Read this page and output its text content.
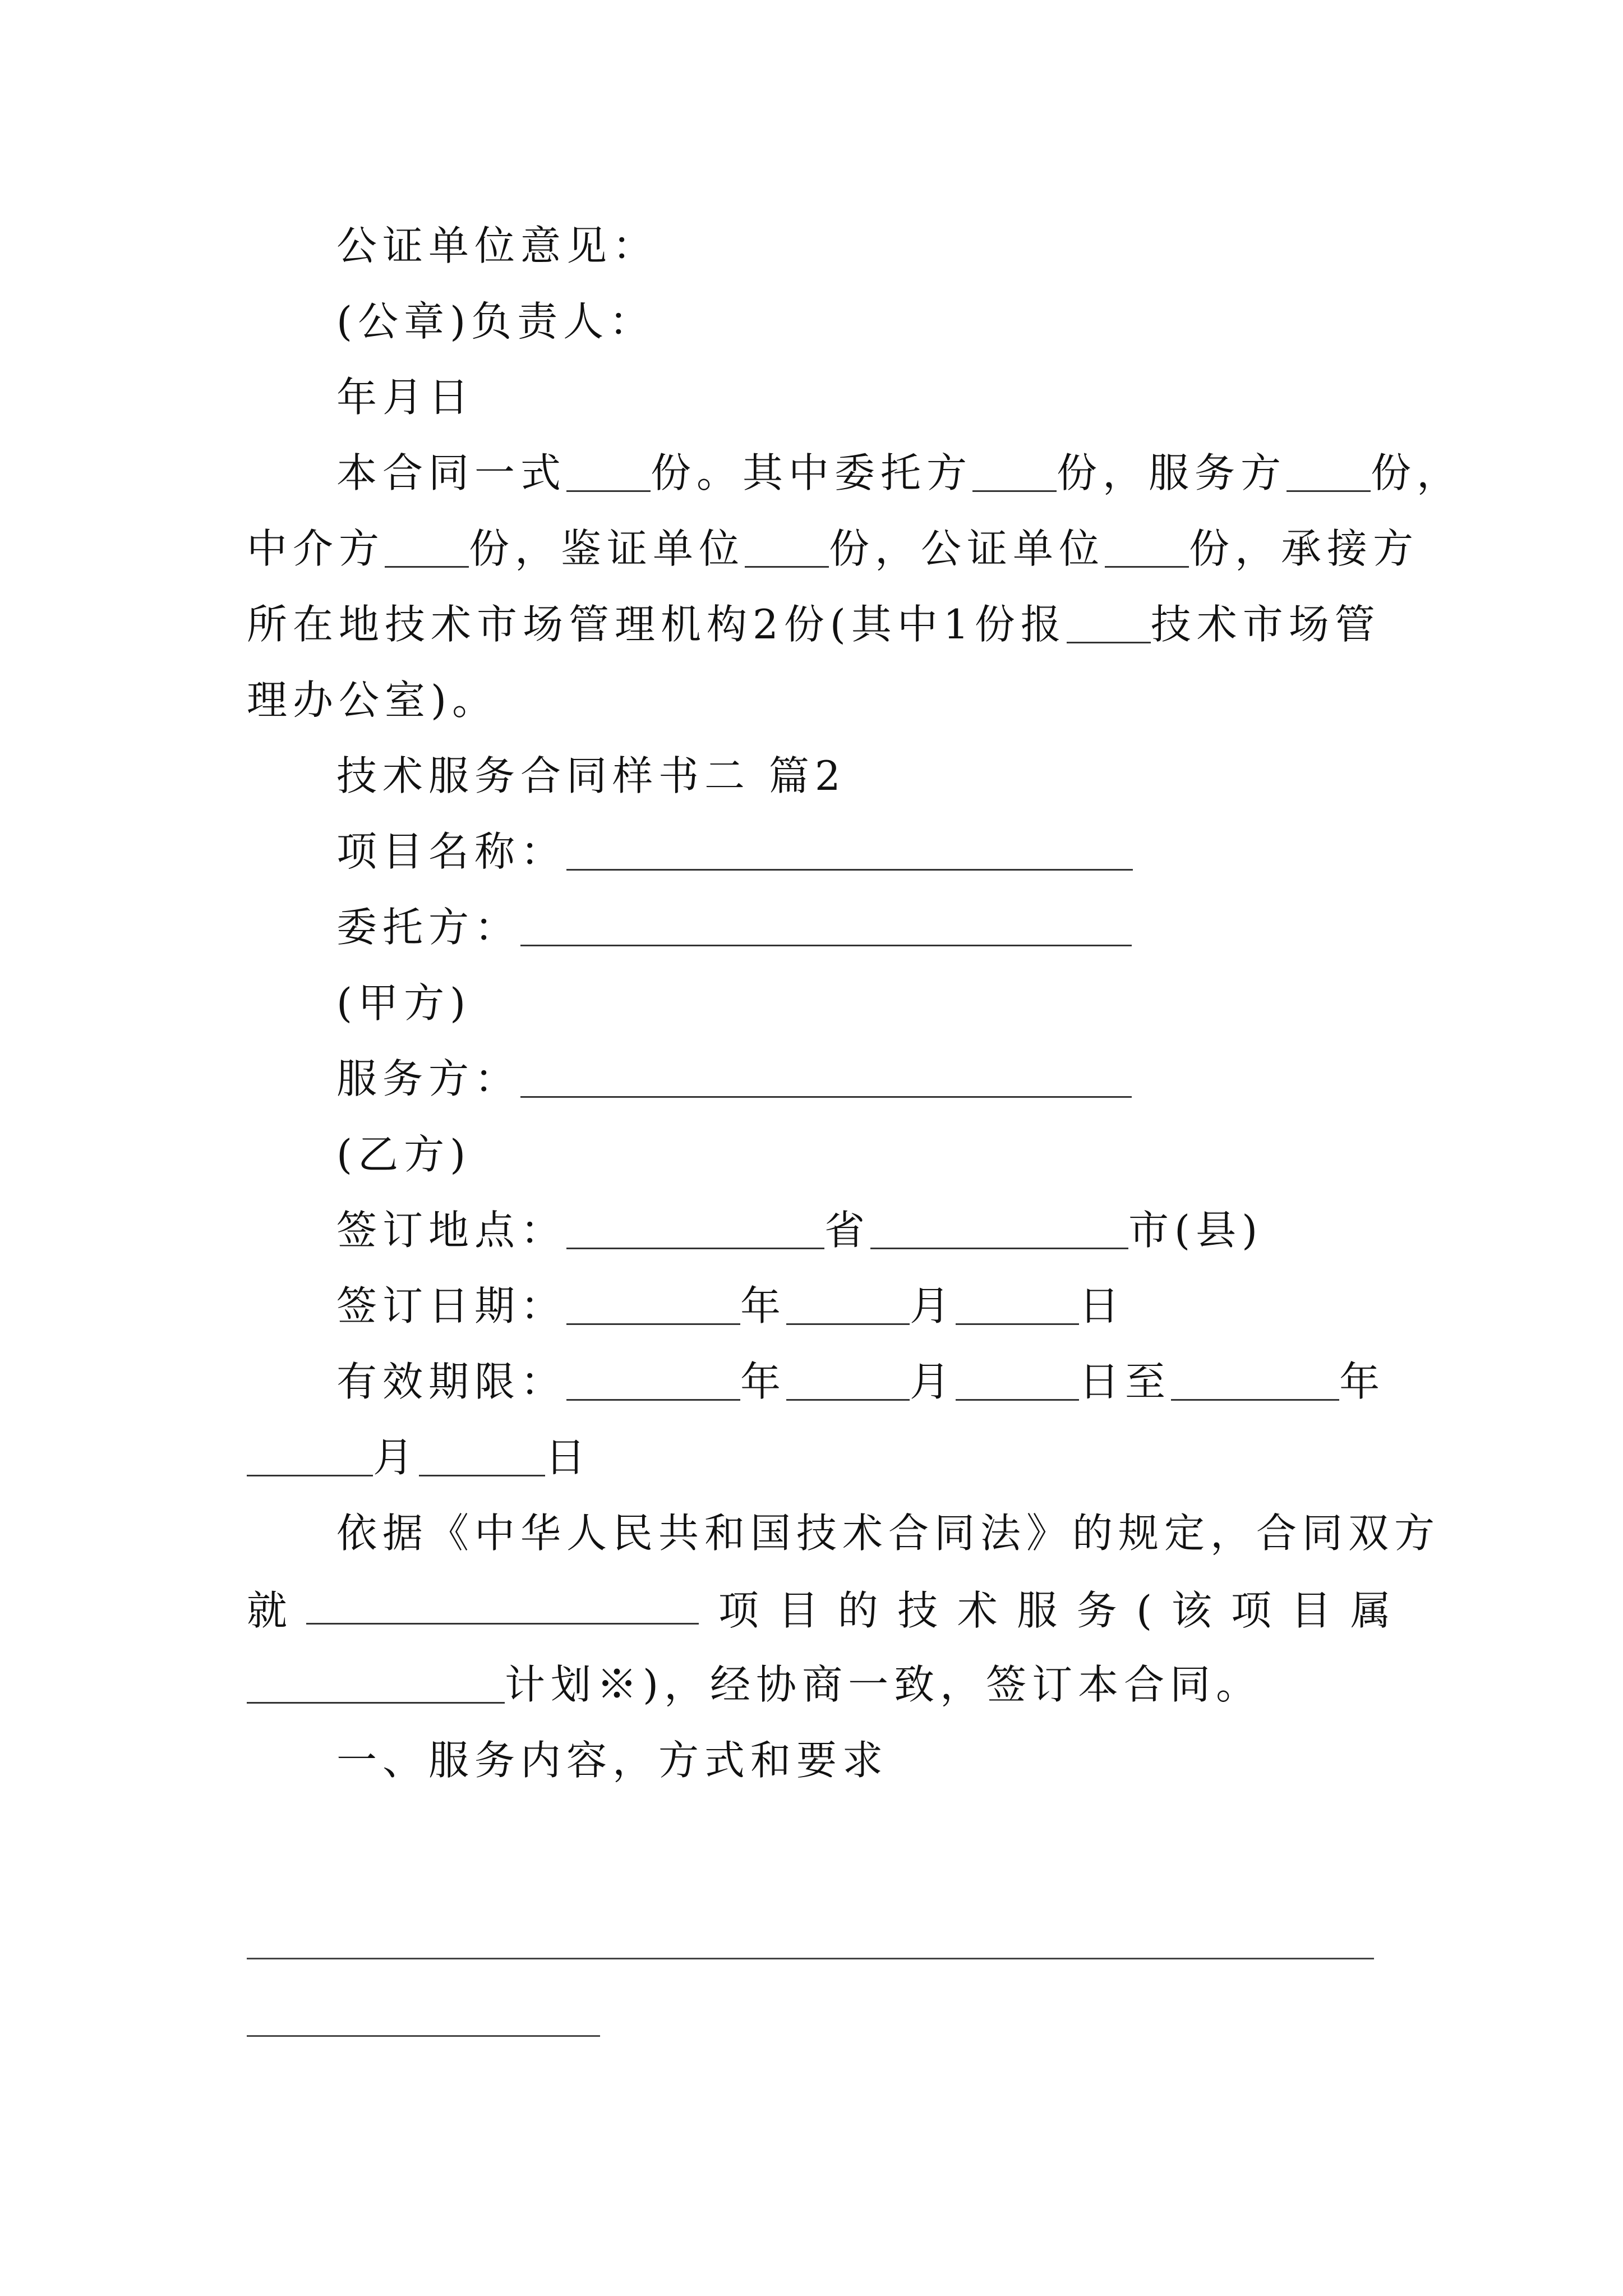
公证单位意见：
(公章)负责人：
年月日
本合同一式 份。其中委托方 份，服务方 份，
中介方 份，鉴证单位 份，公证单位 份，承接方
所在地技术市场管理机构2份(其中1份报 技术市场管
理办公室)。
技术服务合同样书二 篇2
项目名称：
委托方：
(甲方)
服务方：
(乙方)
签订地点：	省	市(县)
签订日期：	年	月	日
有效期限：	年	月	日至	年
月	日
依据《中华人民共和国技术合同法》的规定，合同双方
就	项 目 的 技 术 服 务 ( 该 项 目 属
计划※)，经协商一致，签订本合同。
一、服务内容，方式和要求
